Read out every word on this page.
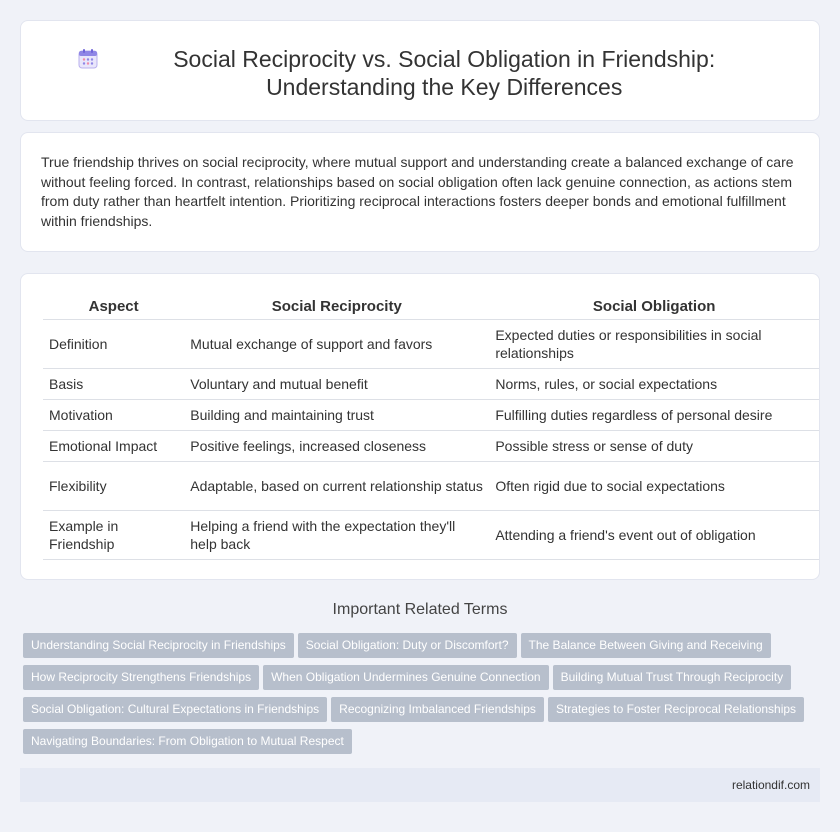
Social Reciprocity vs. Social Obligation in Friendship: Understanding the Key Differences

True friendship thrives on social reciprocity, where mutual support and understanding create a balanced exchange of care without feeling forced. In contrast, relationships based on social obligation often lack genuine connection, as actions stem from duty rather than heartfelt intention. Prioritizing reciprocal interactions fosters deeper bonds and emotional fulfillment within friendships.

Aspect	Social Reciprocity	Social Obligation
Definition	Mutual exchange of support and favors	Expected duties or responsibilities in social relationships
Basis	Voluntary and mutual benefit	Norms, rules, or social expectations
Motivation	Building and maintaining trust	Fulfilling duties regardless of personal desire
Emotional Impact	Positive feelings, increased closeness	Possible stress or sense of duty
Flexibility	Adaptable, based on current relationship status	Often rigid due to social expectations
Example in Friendship	Helping a friend with the expectation they'll help back	Attending a friend's event out of obligation
Important Related Terms
Understanding Social Reciprocity in Friendships Social Obligation: Duty or Discomfort? The Balance Between Giving and Receiving
How Reciprocity Strengthens Friendships When Obligation Undermines Genuine Connection Building Mutual Trust Through Reciprocity
Social Obligation: Cultural Expectations in Friendships Recognizing Imbalanced Friendships Strategies to Foster Reciprocal Relationships
Navigating Boundaries: From Obligation to Mutual Respect
relationdif.com
